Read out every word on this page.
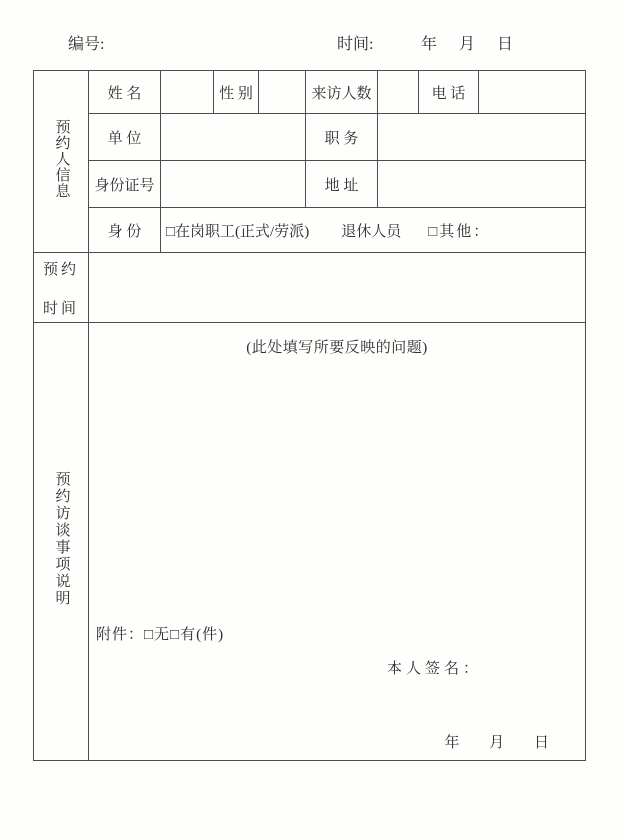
编号:	时间:	年 月 日
预约人信息	姓 名		性 别		来访人数		电 话	
	单 位				职 务			
	身份证号				地 址			
	身 份	□在岗职工(正式/劳派) 退休人员 □其他：						

预约
时间								

预约访谈事项说明	(此处填写所要反映的问题)
附件：□无□有(件)
本人签名：
年 月 日							
